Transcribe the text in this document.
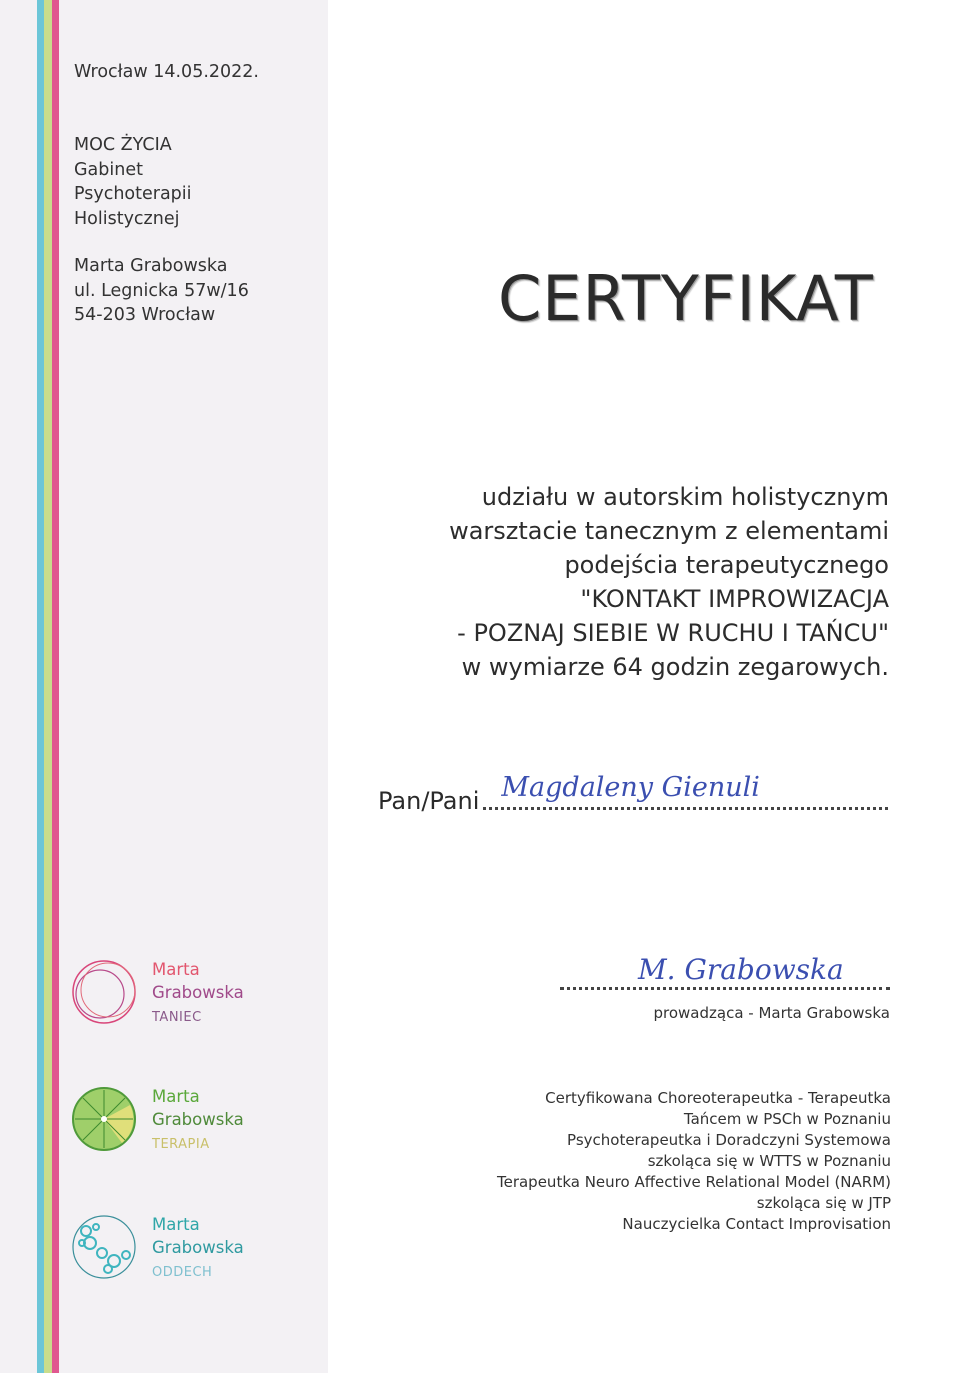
Wrocław 14.05.2022.
MOC ŻYCIA
Gabinet
Psychoterapii
Holistycznej
Marta Grabowska
ul. Legnicka 57w/16
54-203 Wrocław	CERTYFIKAT
udziału w autorskim holistycznym
warsztacie tanecznym z elementami
podejścia terapeutycznego
"KONTAKT IMPROWIZACJA
- POZNAJ SIEBIE W RUCHU I TAŃCU"
w wymiarze 64 godzin zegarowych.
Pan/Pani Magdaleny Gienuli
M. Grabowska
prowadząca - Marta Grabowska
Certyfikowana Choreoterapeutka - Terapeutka
Tańcem w PSCh w Poznaniu
Psychoterapeutka i Doradczyni Systemowa
szkoląca się w WTTS w Poznaniu
Terapeutka Neuro Affective Relational Model (NARM)
szkoląca się w JTP
Nauczycielka Contact Improvisation
Marta
Grabowska
TANIEC
Marta
Grabowska
TERAPIA
Marta
Grabowska
ODDECH
